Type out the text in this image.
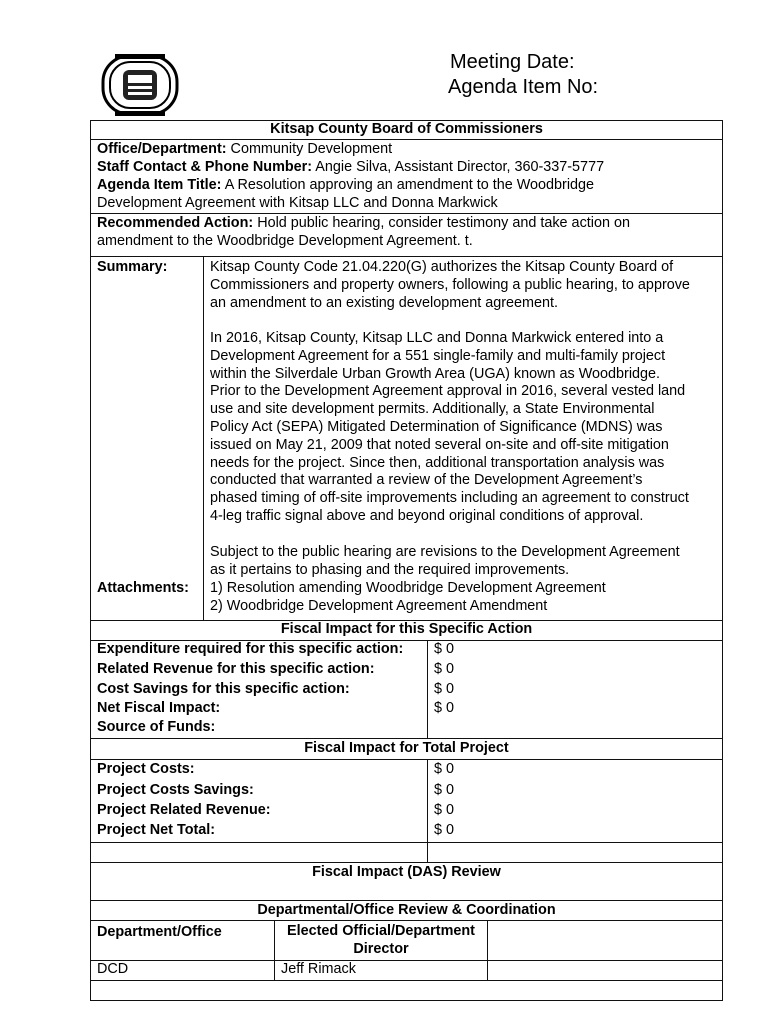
Meeting Date:
Agenda Item No:
Kitsap County Board of Commissioners
Office/Department: Community Development
Staff Contact & Phone Number: Angie Silva, Assistant Director, 360-337-5777
Agenda Item Title: A Resolution approving an amendment to the Woodbridge
Development Agreement with Kitsap LLC and Donna Markwick
Recommended Action: Hold public hearing, consider testimony and take action on
amendment to the Woodbridge Development Agreement. t.
Summary:	Kitsap County Code 21.04.220(G) authorizes the Kitsap County Board of
Commissioners and property owners, following a public hearing, to approve
an amendment to an existing development agreement.
In 2016, Kitsap County, Kitsap LLC and Donna Markwick entered into a
Development Agreement for a 551 single-family and multi-family project
within the Silverdale Urban Growth Area (UGA) known as Woodbridge.
Prior to the Development Agreement approval in 2016, several vested land
use and site development permits. Additionally, a State Environmental
Policy Act (SEPA) Mitigated Determination of Significance (MDNS) was
issued on May 21, 2009 that noted several on-site and off-site mitigation
needs for the project. Since then, additional transportation analysis was
conducted that warranted a review of the Development Agreement’s
phased timing of off-site improvements including an agreement to construct
4-leg traffic signal above and beyond original conditions of approval.
Subject to the public hearing are revisions to the Development Agreement
as it pertains to phasing and the required improvements.
Attachments: 1) Resolution amending Woodbridge Development Agreement
2) Woodbridge Development Agreement Amendment
Fiscal Impact for this Specific Action
Expenditure required for this specific action: $ 0
Related Revenue for this specific action:	$ 0
Cost Savings for this specific action:	$ 0
Net Fiscal Impact:	$ 0
Source of Funds:
Fiscal Impact for Total Project
Project Costs:	$ 0
Project Costs Savings:	$ 0
Project Related Revenue:	$ 0
Project Net Total:	$ 0
Fiscal Impact (DAS) Review
Departmental/Office Review & Coordination
Department/Office	Elected Official/Department
Director
DCD	Jeff Rimack
